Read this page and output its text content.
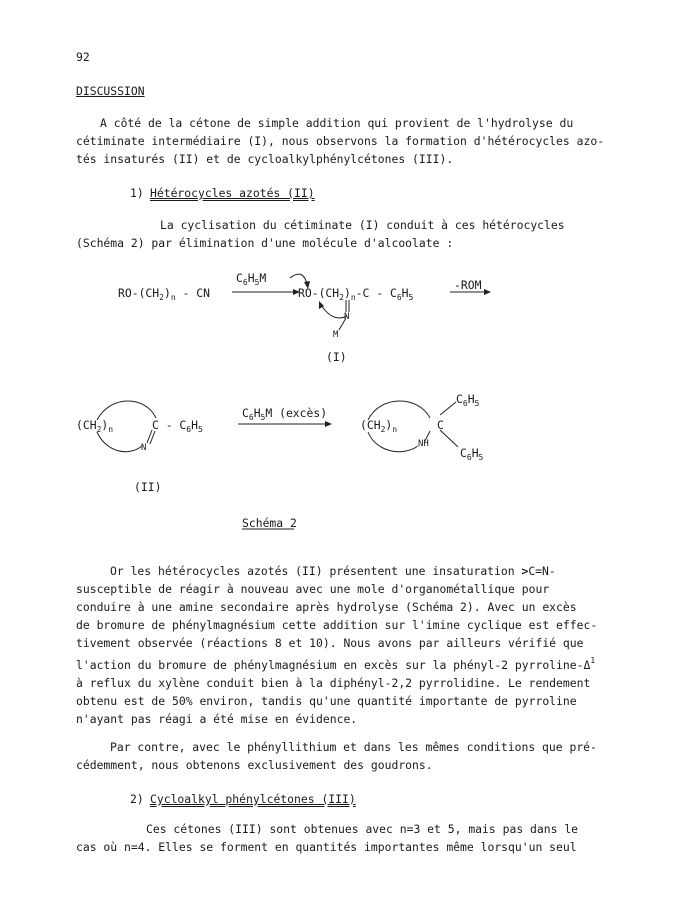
92
DISCUSSION

A côté de la cétone de simple addition qui provient de l'hydrolyse du
cétiminate intermédiaire (I), nous observons la formation d'hétérocycles azo-
tés insaturés (II) et de cycloalkylphénylcétones (III).

1) Hétérocycles azotés (II)

La cyclisation du cétiminate (I) conduit à ces hétérocycles
(Schéma 2) par élimination d'une molécule d'alcoolate :

$RO-(CH_2)_n$ - CN
$C_6H_5M$
$RO-(CH_2)_n-C - C_6H_5$
N
M
-ROM
(I)
$(CH_2)_n$	C - $C_6H_5$
N
$C_6H_5M$ (excès)
$(CH_2)_n$	C
NH
$C_6H_5$
$C_6H_5$
(II)
Schéma 2

Or les hétérocycles azotés (II) présentent une insaturation >C=N-
susceptible de réagir à nouveau avec une mole d'organométallique pour
conduire à une amine secondaire après hydrolyse (Schéma 2). Avec un excès
de bromure de phénylmagnésium cette addition sur l'imine cyclique est effec-
tivement observée (réactions 8 et 10). Nous avons par ailleurs vérifié que
l'action du bromure de phénylmagnésium en excès sur la phényl-2 pyrroline-$\Delta^1$
à reflux du xylène conduit bien à la diphényl-2,2 pyrrolidine. Le rendement
obtenu est de 50% environ, tandis qu'une quantité importante de pyrroline
n'ayant pas réagi a été mise en évidence.

Par contre, avec le phényllithium et dans les mêmes conditions que pré-
cédemment, nous obtenons exclusivement des goudrons.

2) Cycloalkyl phénylcétones (III)

Ces cétones (III) sont obtenues avec n=3 et 5, mais pas dans le
cas où n=4. Elles se forment en quantités importantes même lorsqu'un seul
